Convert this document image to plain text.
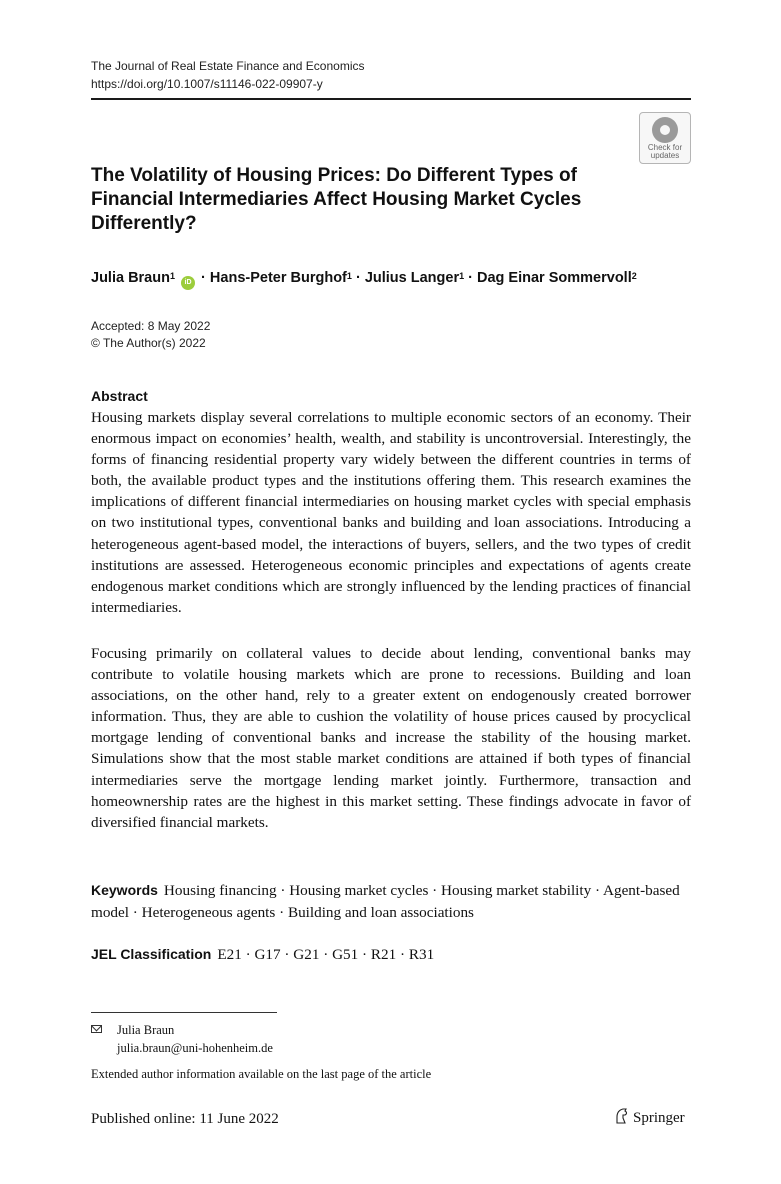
The Journal of Real Estate Finance and Economics
https://doi.org/10.1007/s11146-022-09907-y
Check for
updates
The Volatility of Housing Prices: Do Different Types of Financial Intermediaries Affect Housing Market Cycles Differently?
Julia Braun$^1$ iD · Hans-Peter Burghof$^1$ · Julius Langer$^1$ · Dag Einar Sommervoll$^2$
Accepted: 8 May 2022
© The Author(s) 2022
Abstract

Housing markets display several correlations to multiple economic sectors of an economy. Their enormous impact on economies’ health, wealth, and stability is uncontroversial. Interestingly, the forms of financing residential property vary widely between the different countries in terms of both, the available product types and the institutions offering them. This research examines the implications of different financial intermediaries on housing market cycles with special emphasis on two institutional types, conventional banks and building and loan associations. Introducing a heterogeneous agent-based model, the interactions of buyers, sellers, and the two types of credit institutions are assessed. Heterogeneous economic principles and expectations of agents create endogenous market conditions which are strongly influenced by the lending practices of financial intermediaries.

Focusing primarily on collateral values to decide about lending, conventional banks may contribute to volatile housing markets which are prone to recessions. Building and loan associations, on the other hand, rely to a greater extent on endogenously created borrower information. Thus, they are able to cushion the volatility of house prices caused by procyclical mortgage lending of conventional banks and increase the stability of the housing market. Simulations show that the most stable market conditions are attained if both types of financial intermediaries serve the mortgage lending market jointly. Furthermore, transaction and homeownership rates are the highest in this market setting. These findings advocate in favor of diversified financial markets.

Keywords Housing financing · Housing market cycles · Housing market stability · Agent-based model · Heterogeneous agents · Building and loan associations
JEL Classification E21 · G17 · G21 · G51 · R21 · R31
Julia Braun
julia.braun@uni-hohenheim.de
Extended author information available on the last page of the article
Published online: 11 June 2022	Springer
